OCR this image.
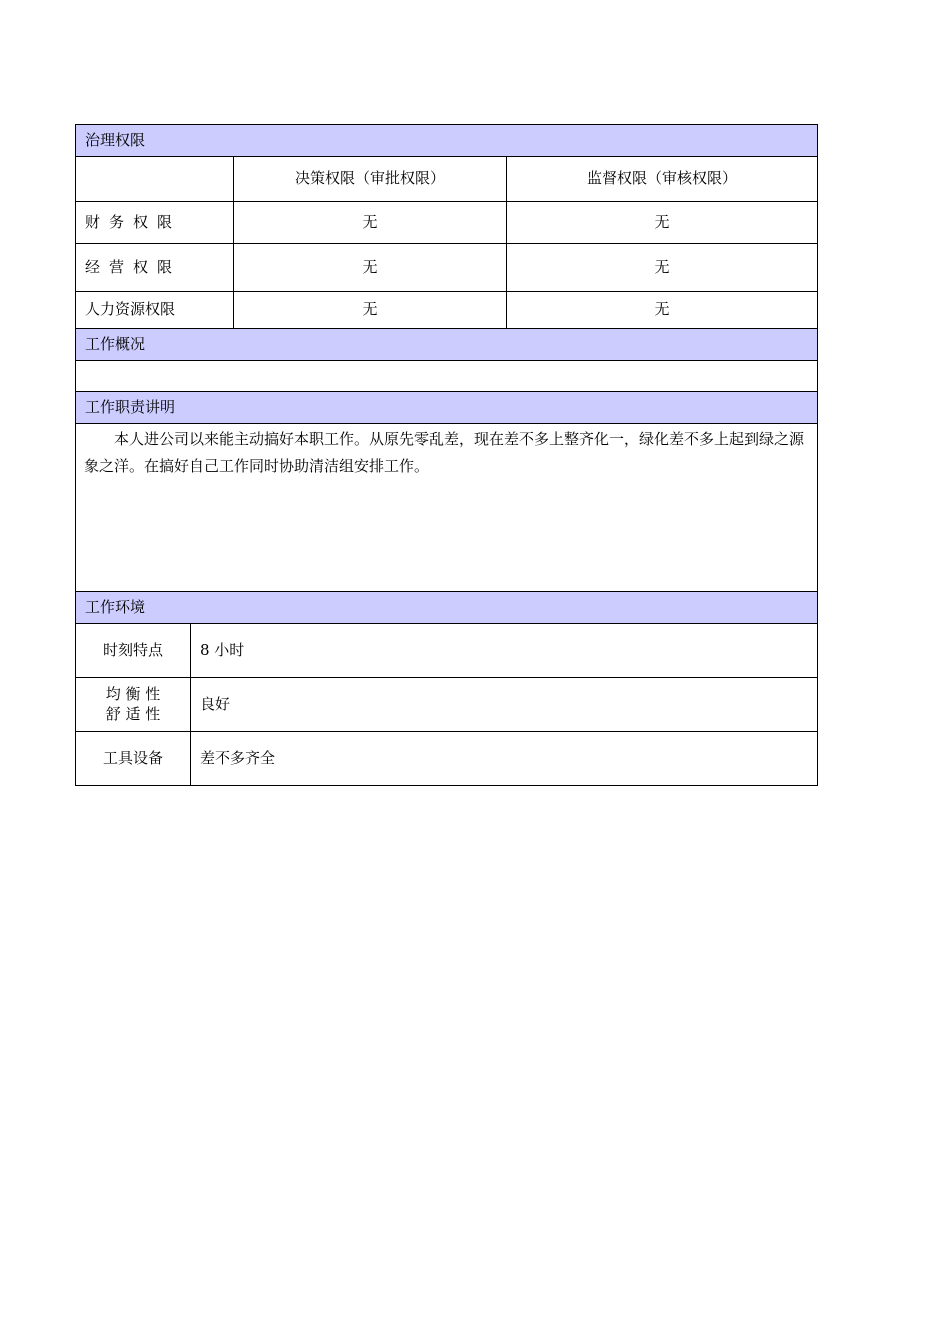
治理权限			
		决策权限（审批权限）	监督权限（审核权限）
财务权限		无	无
经营权限		无	无
人力资源权限		无	无
工作概况			

工作职责讲明			
本人进公司以来能主动搞好本职工作。从原先零乱差，现在差不多上整齐化一，绿化差不多上起到绿之源象之洋。在搞好自己工作同时协助清洁组安排工作。			
工作环境			
时刻特点	8 小时		

均 衡 性
舒 适 性	良好		
工具设备	差不多齐全		
